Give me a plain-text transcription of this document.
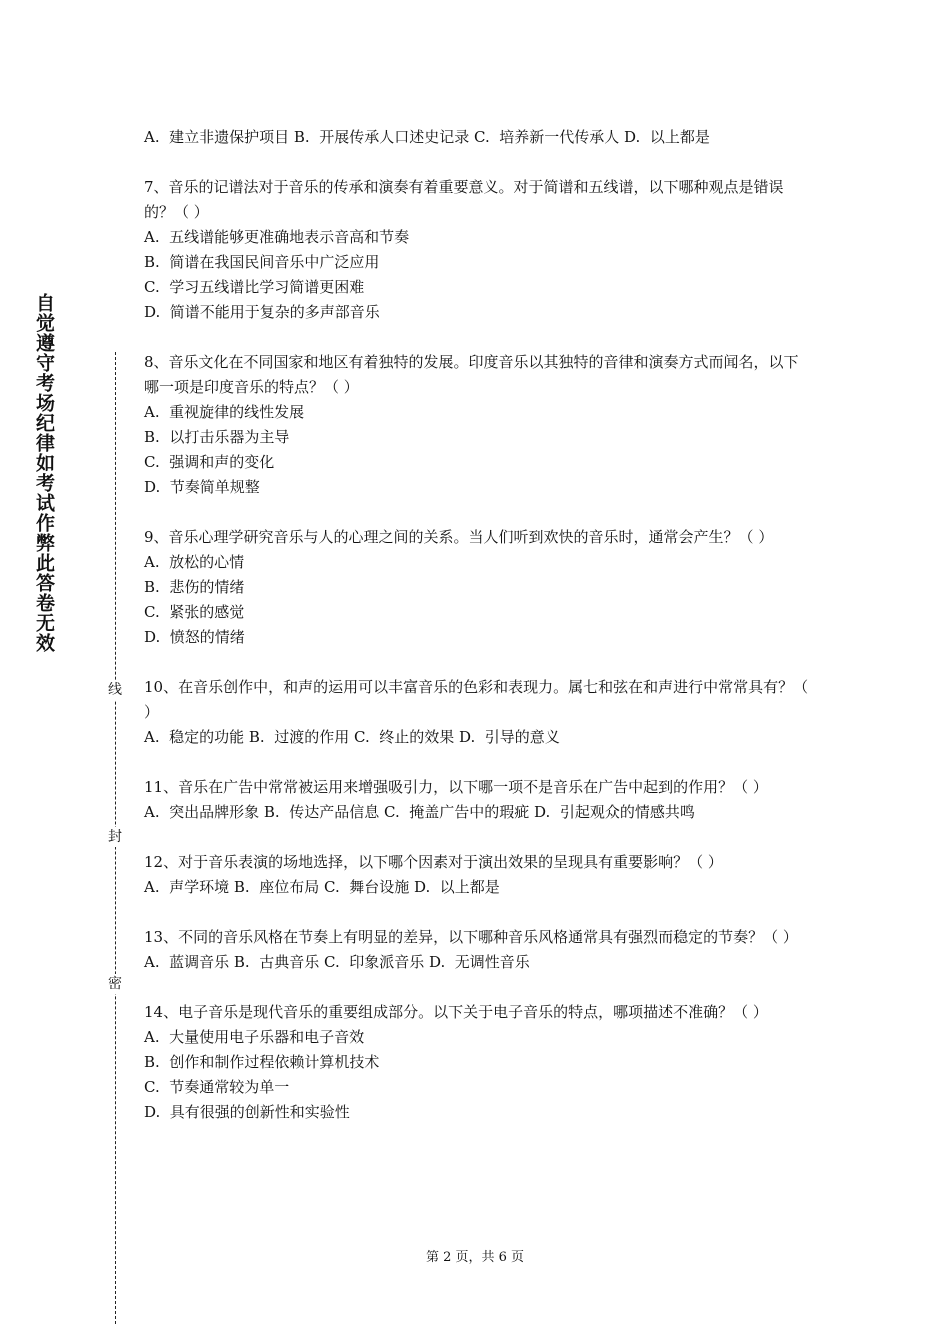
自觉遵守考场纪律如考试作弊此答卷无效
线
封
密
A.  建立非遗保护项目 B.  开展传承人口述史记录 C.  培养新一代传承人 D.  以上都是
7、音乐的记谱法对于音乐的传承和演奏有着重要意义。对于简谱和五线谱，以下哪种观点是错误的？（ ）
A.  五线谱能够更准确地表示音高和节奏
B.  简谱在我国民间音乐中广泛应用
C.  学习五线谱比学习简谱更困难
D.  简谱不能用于复杂的多声部音乐
8、音乐文化在不同国家和地区有着独特的发展。印度音乐以其独特的音律和演奏方式而闻名，以下哪一项是印度音乐的特点？（ ）
A.  重视旋律的线性发展
B.  以打击乐器为主导
C.  强调和声的变化
D.  节奏简单规整
9、音乐心理学研究音乐与人的心理之间的关系。当人们听到欢快的音乐时，通常会产生？（ ）
A.  放松的心情
B.  悲伤的情绪
C.  紧张的感觉
D.  愤怒的情绪
10、在音乐创作中，和声的运用可以丰富音乐的色彩和表现力。属七和弦在和声进行中常常具有？（ ）
A.  稳定的功能 B.  过渡的作用 C.  终止的效果 D.  引导的意义
11、音乐在广告中常常被运用来增强吸引力，以下哪一项不是音乐在广告中起到的作用？（ ）
A.  突出品牌形象 B.  传达产品信息 C.  掩盖广告中的瑕疵 D.  引起观众的情感共鸣
12、对于音乐表演的场地选择，以下哪个因素对于演出效果的呈现具有重要影响？（ ）
A.  声学环境 B.  座位布局 C.  舞台设施 D.  以上都是
13、不同的音乐风格在节奏上有明显的差异，以下哪种音乐风格通常具有强烈而稳定的节奏？（ ）
A.  蓝调音乐 B.  古典音乐 C.  印象派音乐 D.  无调性音乐
14、电子音乐是现代音乐的重要组成部分。以下关于电子音乐的特点，哪项描述不准确？（ ）
A.  大量使用电子乐器和电子音效
B.  创作和制作过程依赖计算机技术
C.  节奏通常较为单一
D.  具有很强的创新性和实验性
第 2 页，共 6 页
